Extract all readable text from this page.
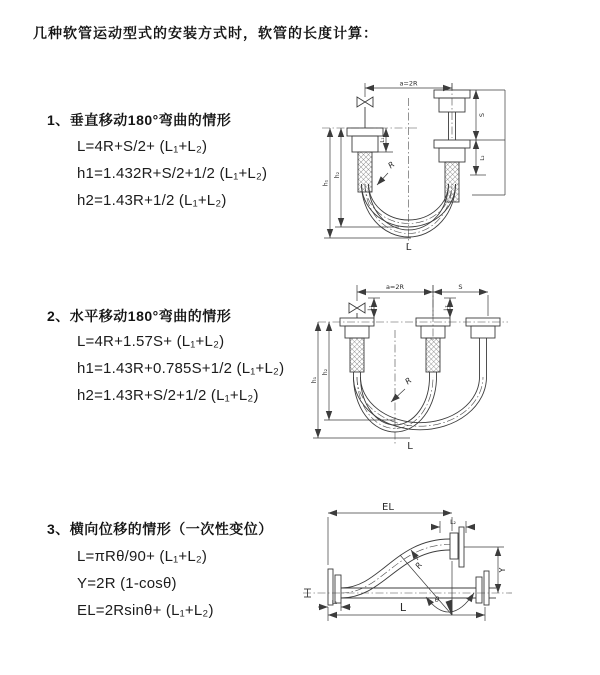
几种软管运动型式的安装方式时，软管的长度计算：
1、垂直移动180°弯曲的情形
L=4R+S/2+ (L₁+L₂)
h1=1.432R+S/2+1/2 (L₁+L₂)
h2=1.43R+1/2 (L₁+L₂)
2、水平移动180°弯曲的情形
L=4R+1.57S+ (L₁+L₂)
h1=1.43R+0.785S+1/2 (L₁+L₂)
h2=1.43R+S/2+1/2 (L₁+L₂)
3、横向位移的情形（一次性变位）
L=πRθ/90+ (L₁+L₂)
Y=2R (1-cosθ)
EL=2Rsinθ+ (L₁+L₂)
a=2R
h₁
h₂
L₁
S
L₂
R
L
a=2R	S
h₁
h₂
L₁	L₂
R
L
EL
L₂
Y
R
θ
L
L₁
